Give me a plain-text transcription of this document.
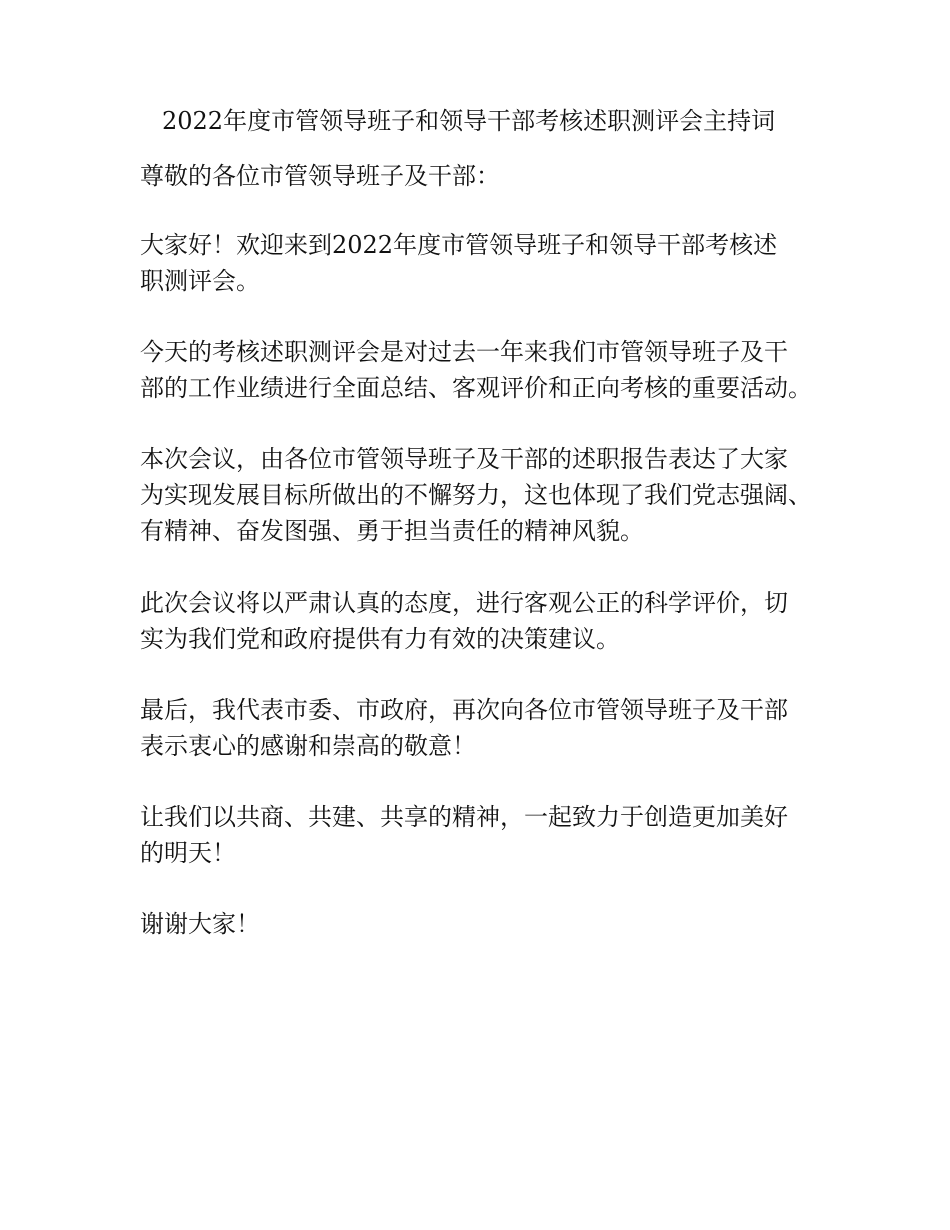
2022年度市管领导班子和领导干部考核述职测评会主持词

尊敬的各位市管领导班子及干部：

大家好！欢迎来到2022年度市管领导班子和领导干部考核述
职测评会。

今天的考核述职测评会是对过去一年来我们市管领导班子及干
部的工作业绩进行全面总结、客观评价和正向考核的重要活动。

本次会议，由各位市管领导班子及干部的述职报告表达了大家
为实现发展目标所做出的不懈努力，这也体现了我们党志强阔、
有精神、奋发图强、勇于担当责任的精神风貌。

此次会议将以严肃认真的态度，进行客观公正的科学评价，切
实为我们党和政府提供有力有效的决策建议。

最后，我代表市委、市政府，再次向各位市管领导班子及干部
表示衷心的感谢和崇高的敬意！

让我们以共商、共建、共享的精神，一起致力于创造更加美好
的明天！

谢谢大家！
